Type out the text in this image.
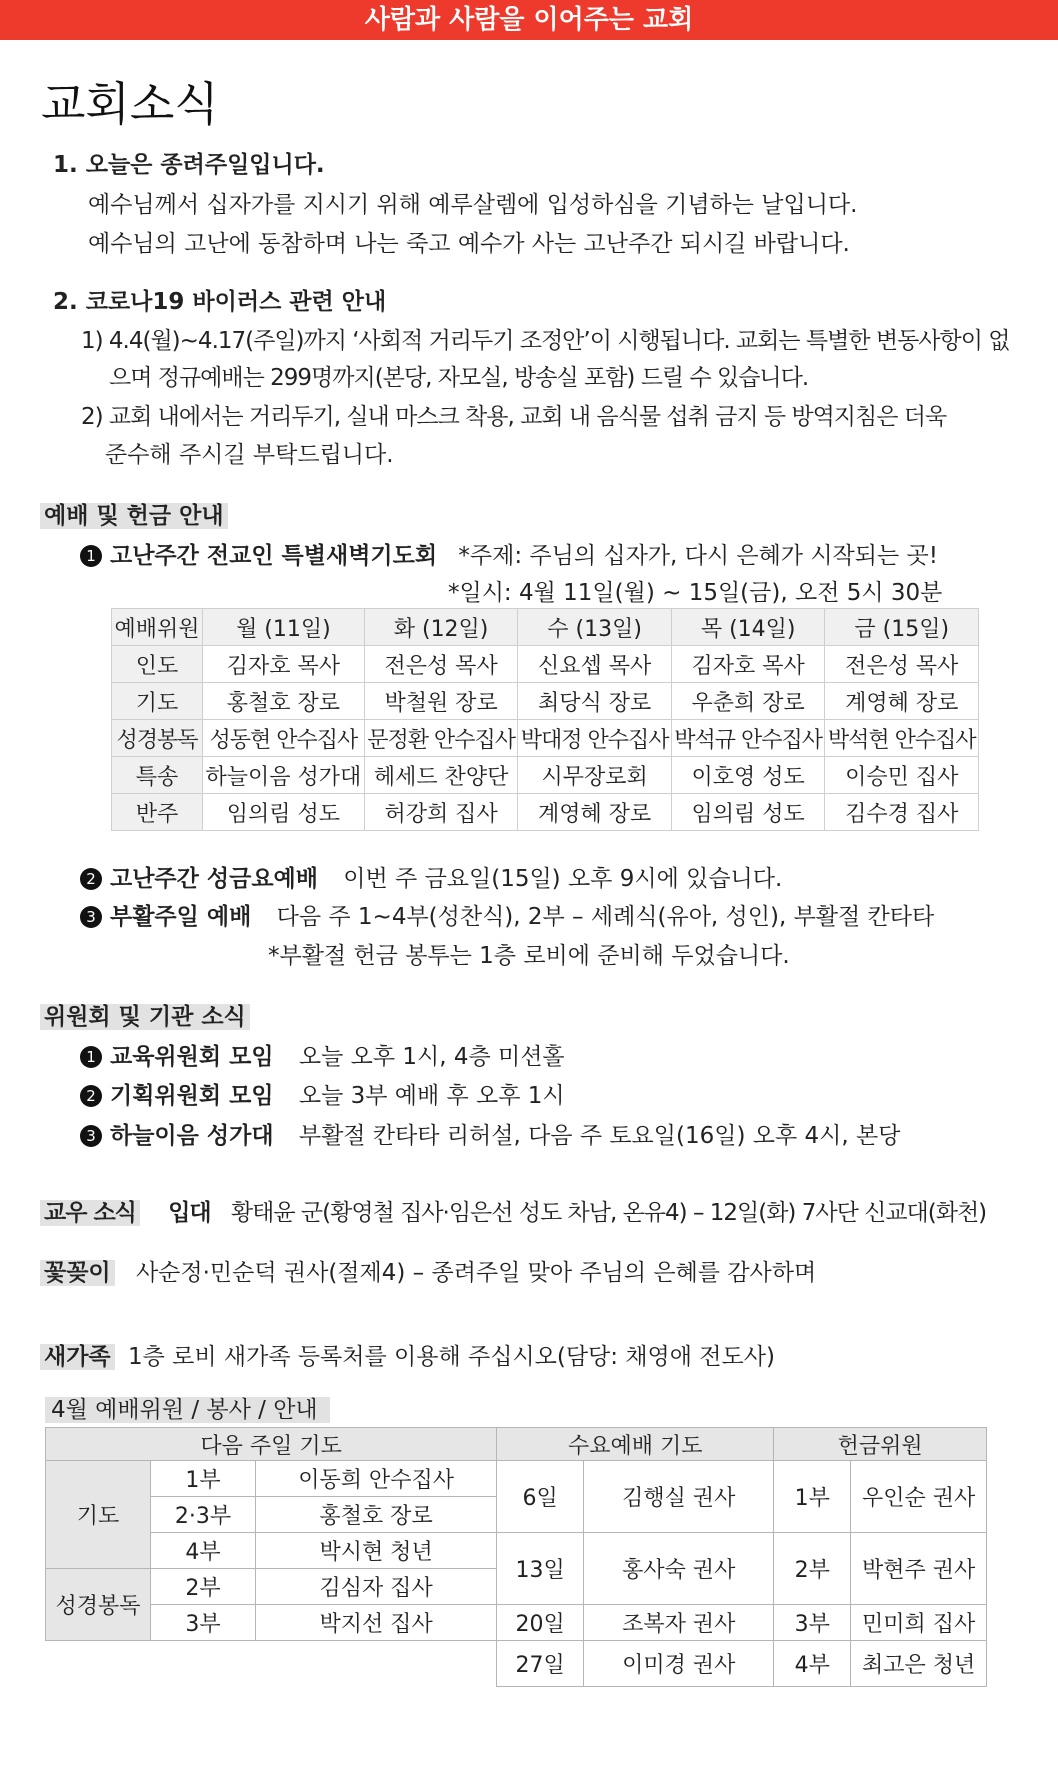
사람과 사람을 이어주는 교회
교회소식
1. 오늘은 종려주일입니다.
예수님께서 십자가를 지시기 위해 예루살렘에 입성하심을 기념하는 날입니다.
예수님의 고난에 동참하며 나는 죽고 예수가 사는 고난주간 되시길 바랍니다.
2. 코로나19 바이러스 관련 안내
1) 4.4(월)~4.17(주일)까지 ‘사회적 거리두기 조정안’이 시행됩니다. 교회는 특별한 변동사항이 없
으며 정규예배는 299명까지(본당, 자모실, 방송실 포함) 드릴 수 있습니다.
2) 교회 내에서는 거리두기, 실내 마스크 착용, 교회 내 음식물 섭취 금지 등 방역지침은 더욱
준수해 주시길 부탁드립니다.
예배 및 헌금 안내
1 고난주간 전교인 특별새벽기도회 *주제: 주님의 십자가, 다시 은혜가 시작되는 곳!
*일시: 4월 11일(월) ~ 15일(금), 오전 5시 30분
예배위원	월 (11일)	화 (12일)	수 (13일)	목 (14일)	금 (15일)
인도	김자호 목사	전은성 목사	신요셉 목사	김자호 목사	전은성 목사
기도	홍철호 장로	박철원 장로	최당식 장로	우춘희 장로	계영혜 장로
성경봉독	성동현 안수집사	문정환 안수집사	박대정 안수집사	박석규 안수집사	박석현 안수집사
특송	하늘이음 성가대	헤세드 찬양단	시무장로회	이호영 성도	이승민 집사
반주	임의림 성도	허강희 집사	계영혜 장로	임의림 성도	김수경 집사
2 고난주간 성금요예배 이번 주 금요일(15일) 오후 9시에 있습니다.
3 부활주일 예배 다음 주 1~4부(성찬식), 2부 – 세례식(유아, 성인), 부활절 칸타타
*부활절 헌금 봉투는 1층 로비에 준비해 두었습니다.
위원회 및 기관 소식
1 교육위원회 모임 오늘 오후 1시, 4층 미션홀
2 기획위원회 모임 오늘 3부 예배 후 오후 1시
3 하늘이음 성가대 부활절 칸타타 리허설, 다음 주 토요일(16일) 오후 4시, 본당
교우 소식 입대 황태윤 군(황영철 집사·임은선 성도 차남, 온유4) – 12일(화) 7사단 신교대(화천)
꽃꽂이 사순정·민순덕 권사(절제4) – 종려주일 맞아 주님의 은혜를 감사하며
새가족 1층 로비 새가족 등록처를 이용해 주십시오(담당: 채영애 전도사)
4월 예배위원 / 봉사 / 안내
다음 주일 기도			수요예배 기도		헌금위원	
기도	1부	이동희 안수집사	6일	김행실 권사	1부	우인순 권사
	2·3부	홍철호 장로				
	4부	박시현 청년	13일	홍사숙 권사	2부	박현주 권사
성경봉독	2부	김심자 집사				
	3부	박지선 집사	20일	조복자 권사	3부	민미희 집사
			27일	이미경 권사	4부	최고은 청년
